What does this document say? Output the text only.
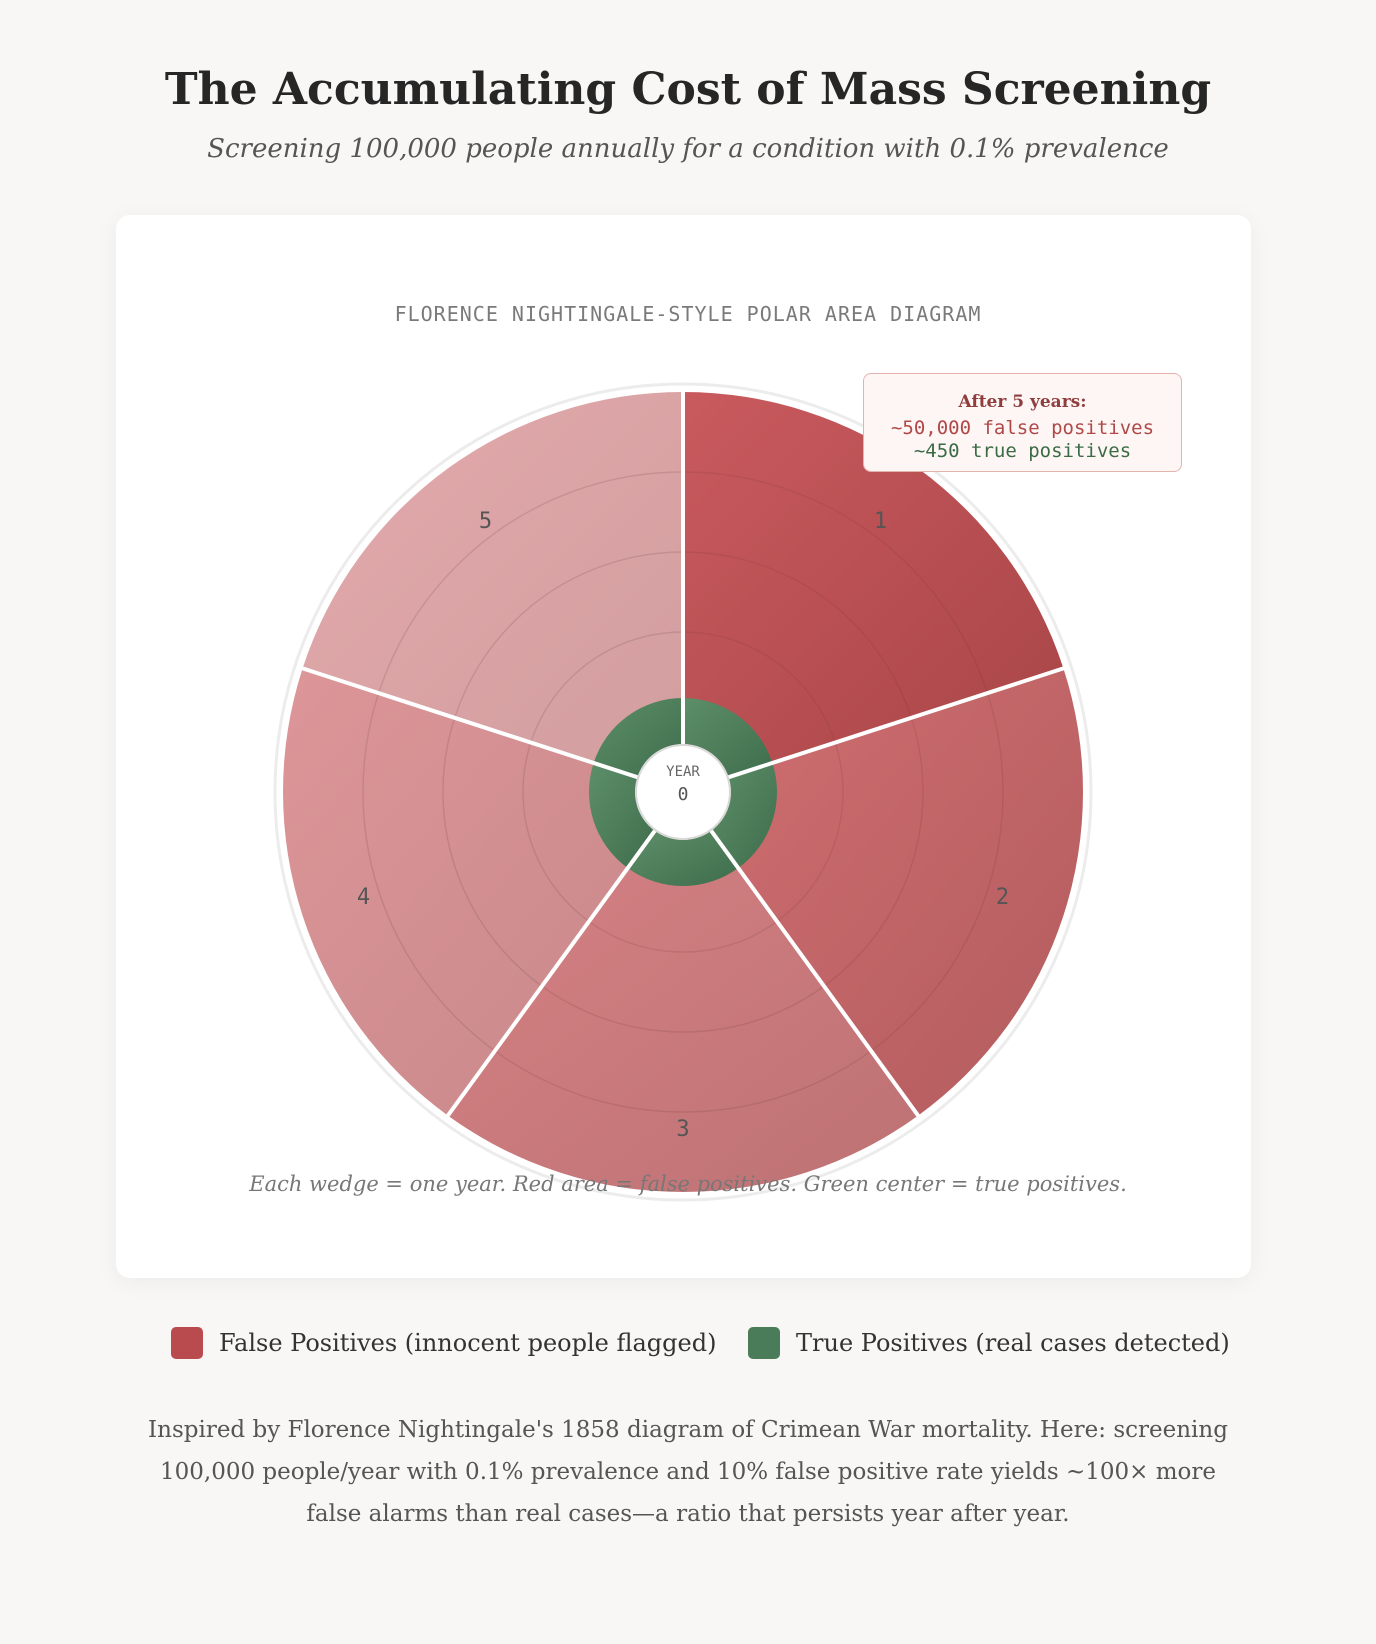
The Accumulating Cost of Mass Screening
Screening 100,000 people annually for a condition with 0.1% prevalence
FLORENCE NIGHTINGALE-STYLE POLAR AREA DIAGRAM
1
2
3
4
5
YEAR
0
After 5 years:
~50,000 false positives
~450 true positives
Each wedge = one year. Red area = false positives. Green center = true positives.
False Positives (innocent people flagged)	True Positives (real cases detected)
Inspired by Florence Nightingale's 1858 diagram of Crimean War mortality. Here: screening 100,000 people/year with 0.1% prevalence and 10% false positive rate yields ~100× more false alarms than real cases—a ratio that persists year after year.
